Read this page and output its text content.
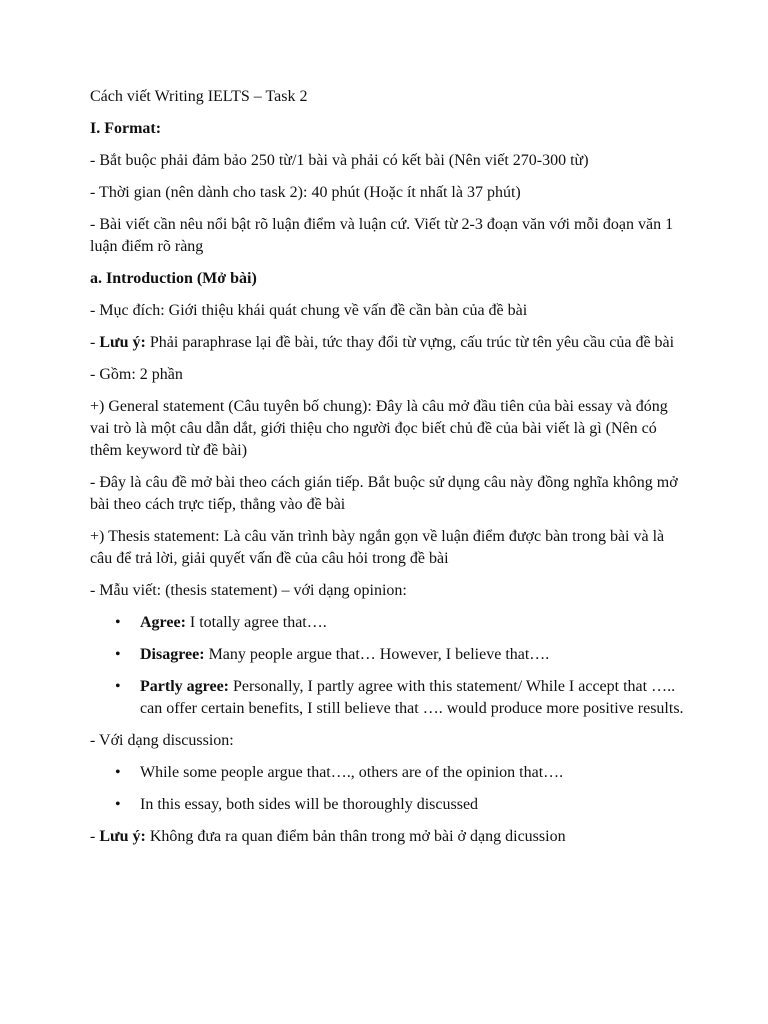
Cách viết Writing IELTS – Task 2

I. Format:

- Bắt buộc phải đảm bảo 250 từ/1 bài và phải có kết bài (Nên viết 270-300 từ)

- Thời gian (nên dành cho task 2): 40 phút (Hoặc ít nhất là 37 phút)

- Bài viết cần nêu nổi bật rõ luận điểm và luận cứ. Viết từ 2-3 đoạn văn với mỗi đoạn văn 1 luận điểm rõ ràng

a. Introduction (Mở bài)

- Mục đích: Giới thiệu khái quát chung về vấn đề cần bàn của đề bài

- Lưu ý: Phải paraphrase lại đề bài, tức thay đổi từ vựng, cấu trúc từ tên yêu cầu của đề bài

- Gồm: 2 phần

+) General statement (Câu tuyên bố chung): Đây là câu mở đầu tiên của bài essay và đóng vai trò là một câu dẫn dắt, giới thiệu cho người đọc biết chủ đề của bài viết là gì (Nên có thêm keyword từ đề bài)

- Đây là câu đề mở bài theo cách gián tiếp. Bắt buộc sử dụng câu này đồng nghĩa không mở bài theo cách trực tiếp, thẳng vào đề bài

+) Thesis statement: Là câu văn trình bày ngắn gọn về luận điểm được bàn trong bài và là câu để trả lời, giải quyết vấn đề của câu hỏi trong đề bài

- Mẫu viết: (thesis statement) – với dạng opinion:

• Agree: I totally agree that….
• Disagree: Many people argue that… However, I believe that….
• Partly agree: Personally, I partly agree with this statement/ While I accept that ….. can offer certain benefits, I still believe that …. would produce more positive results.

- Với dạng discussion:

• While some people argue that…., others are of the opinion that….
• In this essay, both sides will be thoroughly discussed

- Lưu ý: Không đưa ra quan điểm bản thân trong mở bài ở dạng dicussion
